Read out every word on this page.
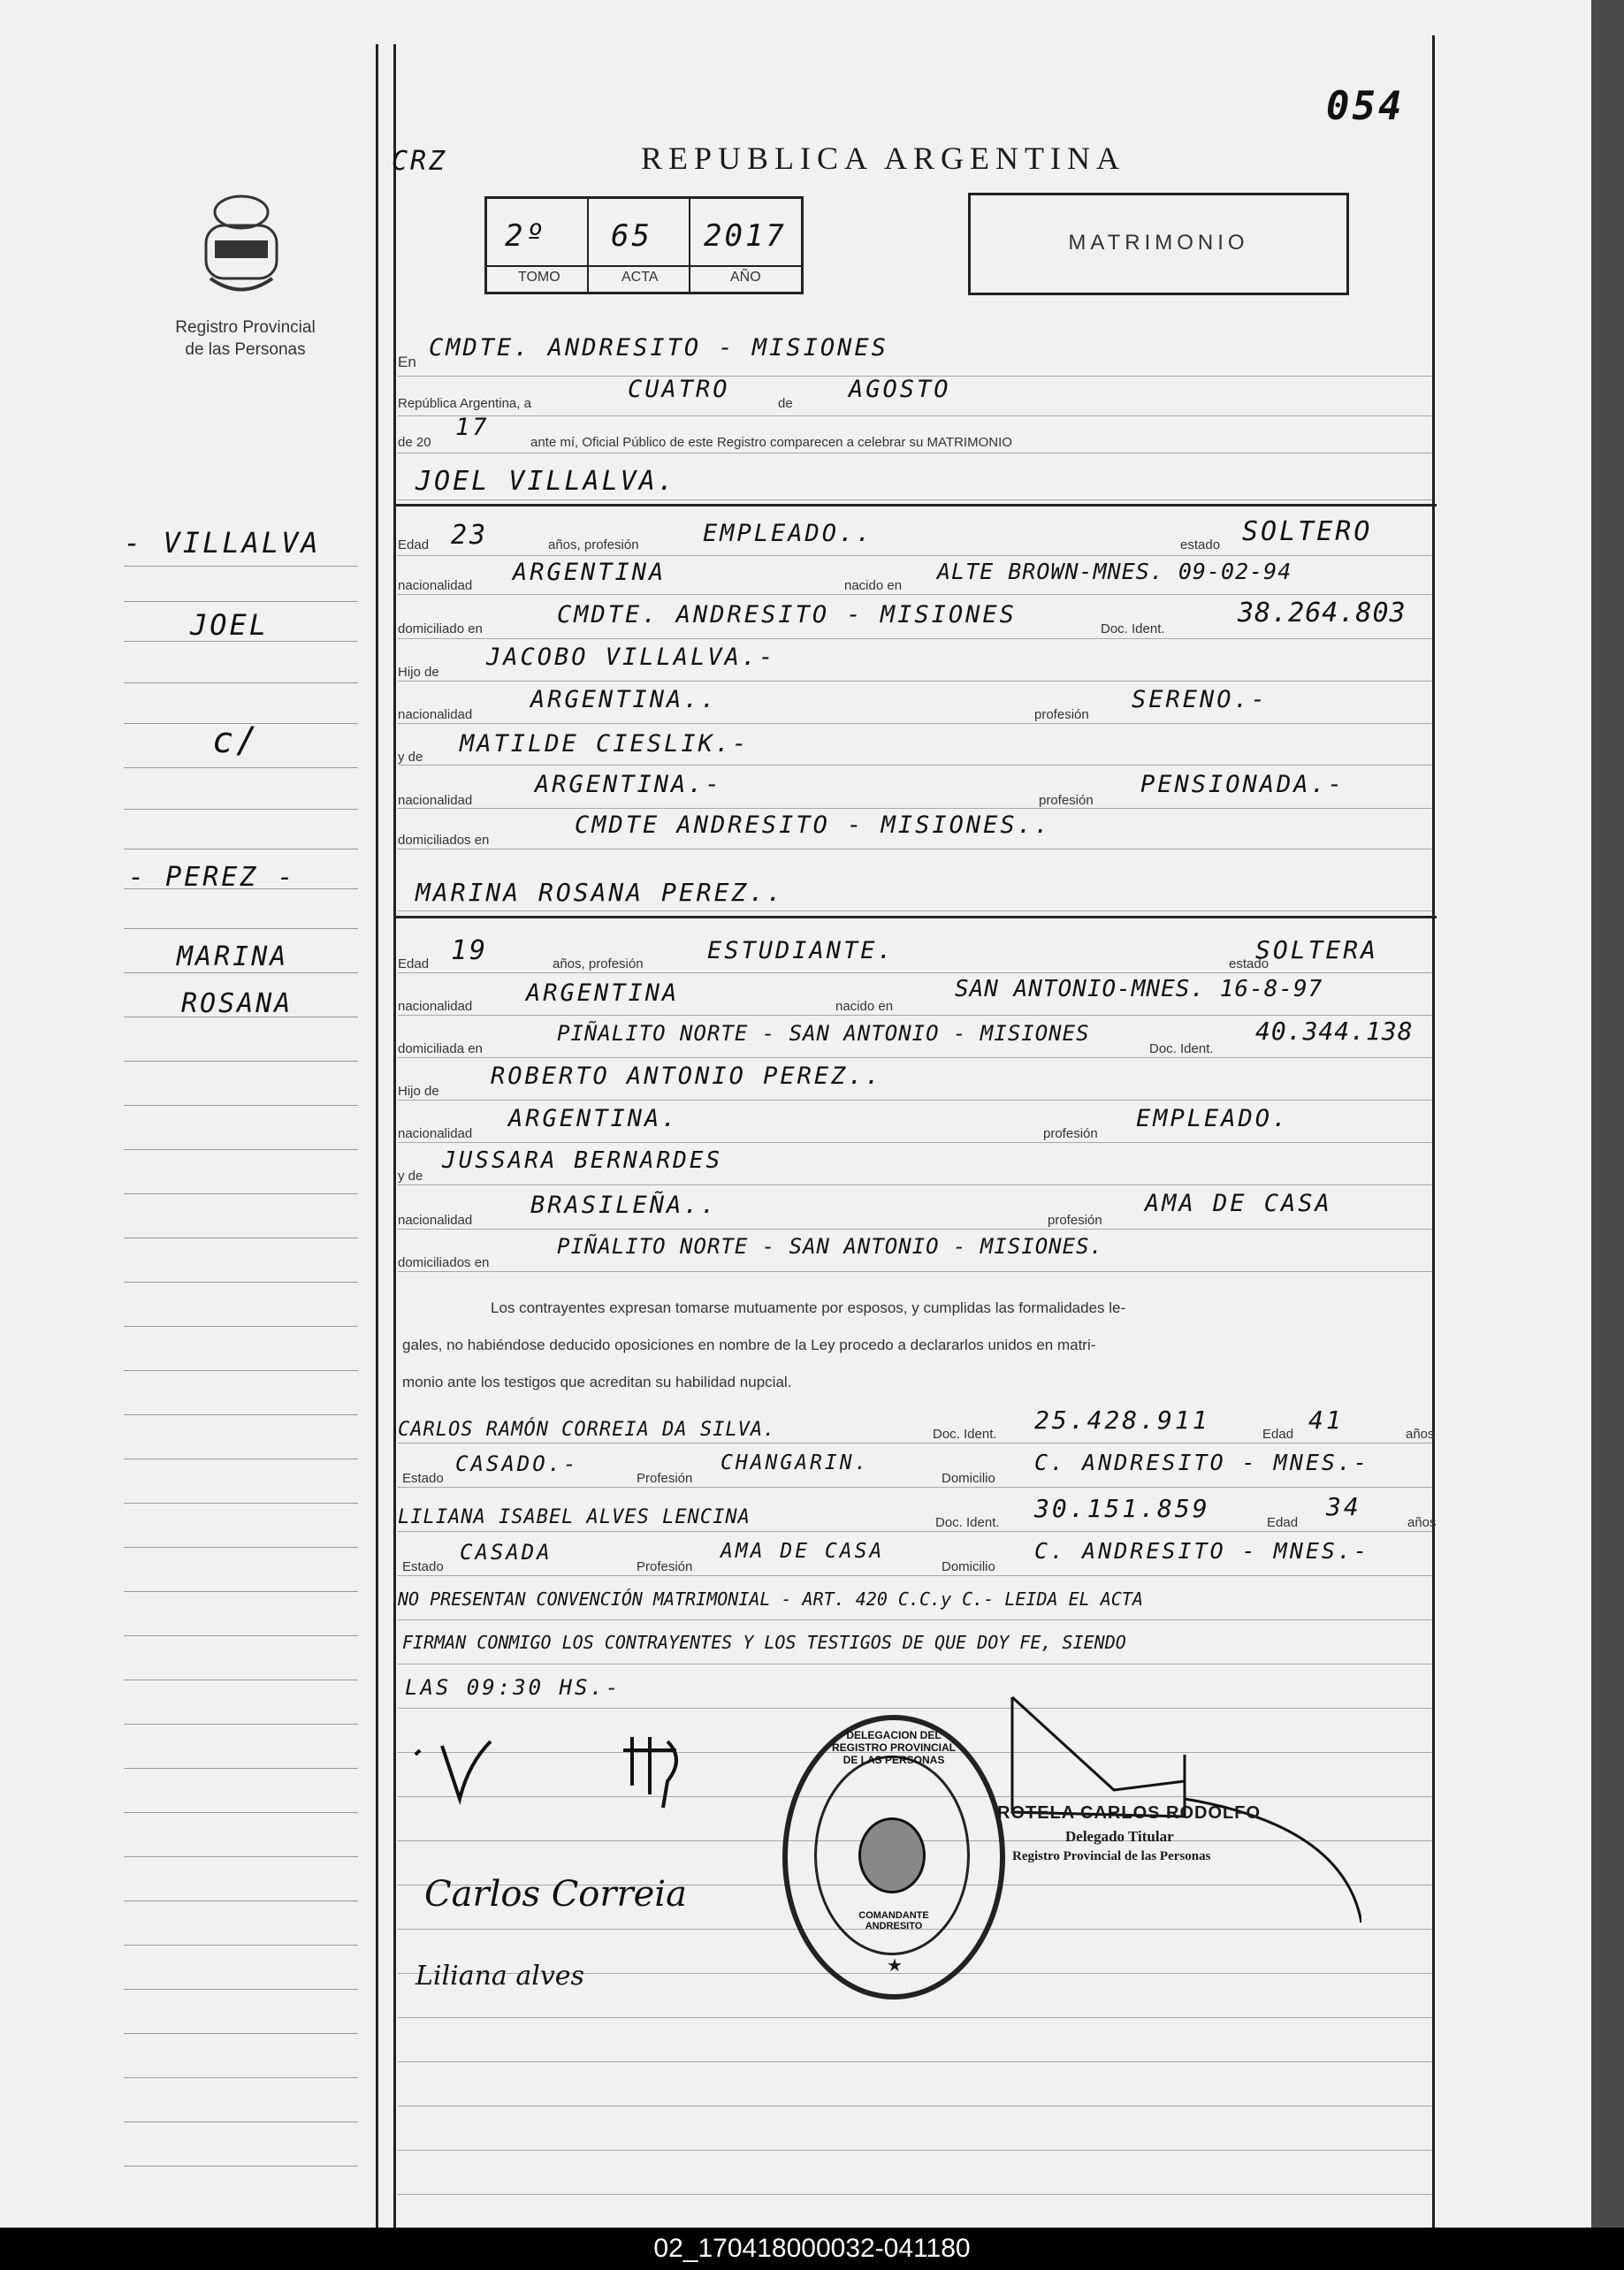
Registro Provincial
de las Personas
- VILLALVA
JOEL
c/
- PEREZ -
MARINA
ROSANA
054
CRZ	REPUBLICA ARGENTINA
2º 65 2017
TOMO	ACTA	AÑO
MATRIMONIO
En
CMDTE. ANDRESITO - MISIONES
República Argentina, a
CUATRO
de
AGOSTO
de 20
17
ante mí, Oficial Público de este Registro comparecen a celebrar su MATRIMONIO
JOEL VILLALVA.
Edad 23	años, profesión	EMPLEADO..	estado SOLTERO
nacionalidad ARGENTINA	nacido en
ALTE BROWN-MNES. 09-02-94
domiciliado en
CMDTE. ANDRESITO - MISIONES
Doc. Ident.
38.264.803
Hijo de
JACOBO VILLALVA.-
nacionalidad
ARGENTINA..
profesión
SERENO.-
y de MATILDE CIESLIK.-
nacionalidad
ARGENTINA.-
profesión
PENSIONADA.-
domiciliados en
CMDTE ANDRESITO - MISIONES..
MARINA ROSANA PEREZ..
Edad 19	años, profesión	ESTUDIANTE.	estado
SOLTERA
nacionalidad ARGENTINA	nacido en
SAN ANTONIO-MNES. 16-8-97
domiciliada en
PIÑALITO NORTE - SAN ANTONIO - MISIONES
Doc. Ident.
40.344.138
Hijo de
ROBERTO ANTONIO PEREZ..
nacionalidad
ARGENTINA.
profesión
EMPLEADO.
y de
JUSSARA BERNARDES
nacionalidad
BRASILEÑA..
profesión
AMA DE CASA
domiciliados en
PIÑALITO NORTE - SAN ANTONIO - MISIONES.
Los contrayentes expresan tomarse mutuamente por esposos, y cumplidas las formalidades le-
gales, no habiéndose deducido oposiciones en nombre de la Ley procedo a declararlos unidos en matri-
monio ante los testigos que acreditan su habilidad nupcial.
CARLOS RAMÓN CORREIA DA SILVA.	Doc. Ident. 25.428.911	Edad 41	años
Estado
CASADO.-
Profesión
CHANGARIN.
Domicilio
C. ANDRESITO - MNES.-
LILIANA ISABEL ALVES LENCINA	Doc. Ident. 30.151.859	Edad
34
años
Estado
CASADA
Profesión
AMA DE CASA
Domicilio
C. ANDRESITO - MNES.-
NO PRESENTAN CONVENCIÓN MATRIMONIAL - ART. 420 C.C.y C.- LEIDA EL ACTA
FIRMAN CONMIGO LOS CONTRAYENTES Y LOS TESTIGOS DE QUE DOY FE, SIENDO
LAS 09:30 HS.-
Carlos Correia
Liliana alves
DELEGACION DEL REGISTRO PROVINCIAL DE LAS PERSONAS
COMANDANTE ANDRESITO
★
ROTELA CARLOS RODOLFO
Delegado Titular
Registro Provincial de las Personas
02_170418000032-041180
